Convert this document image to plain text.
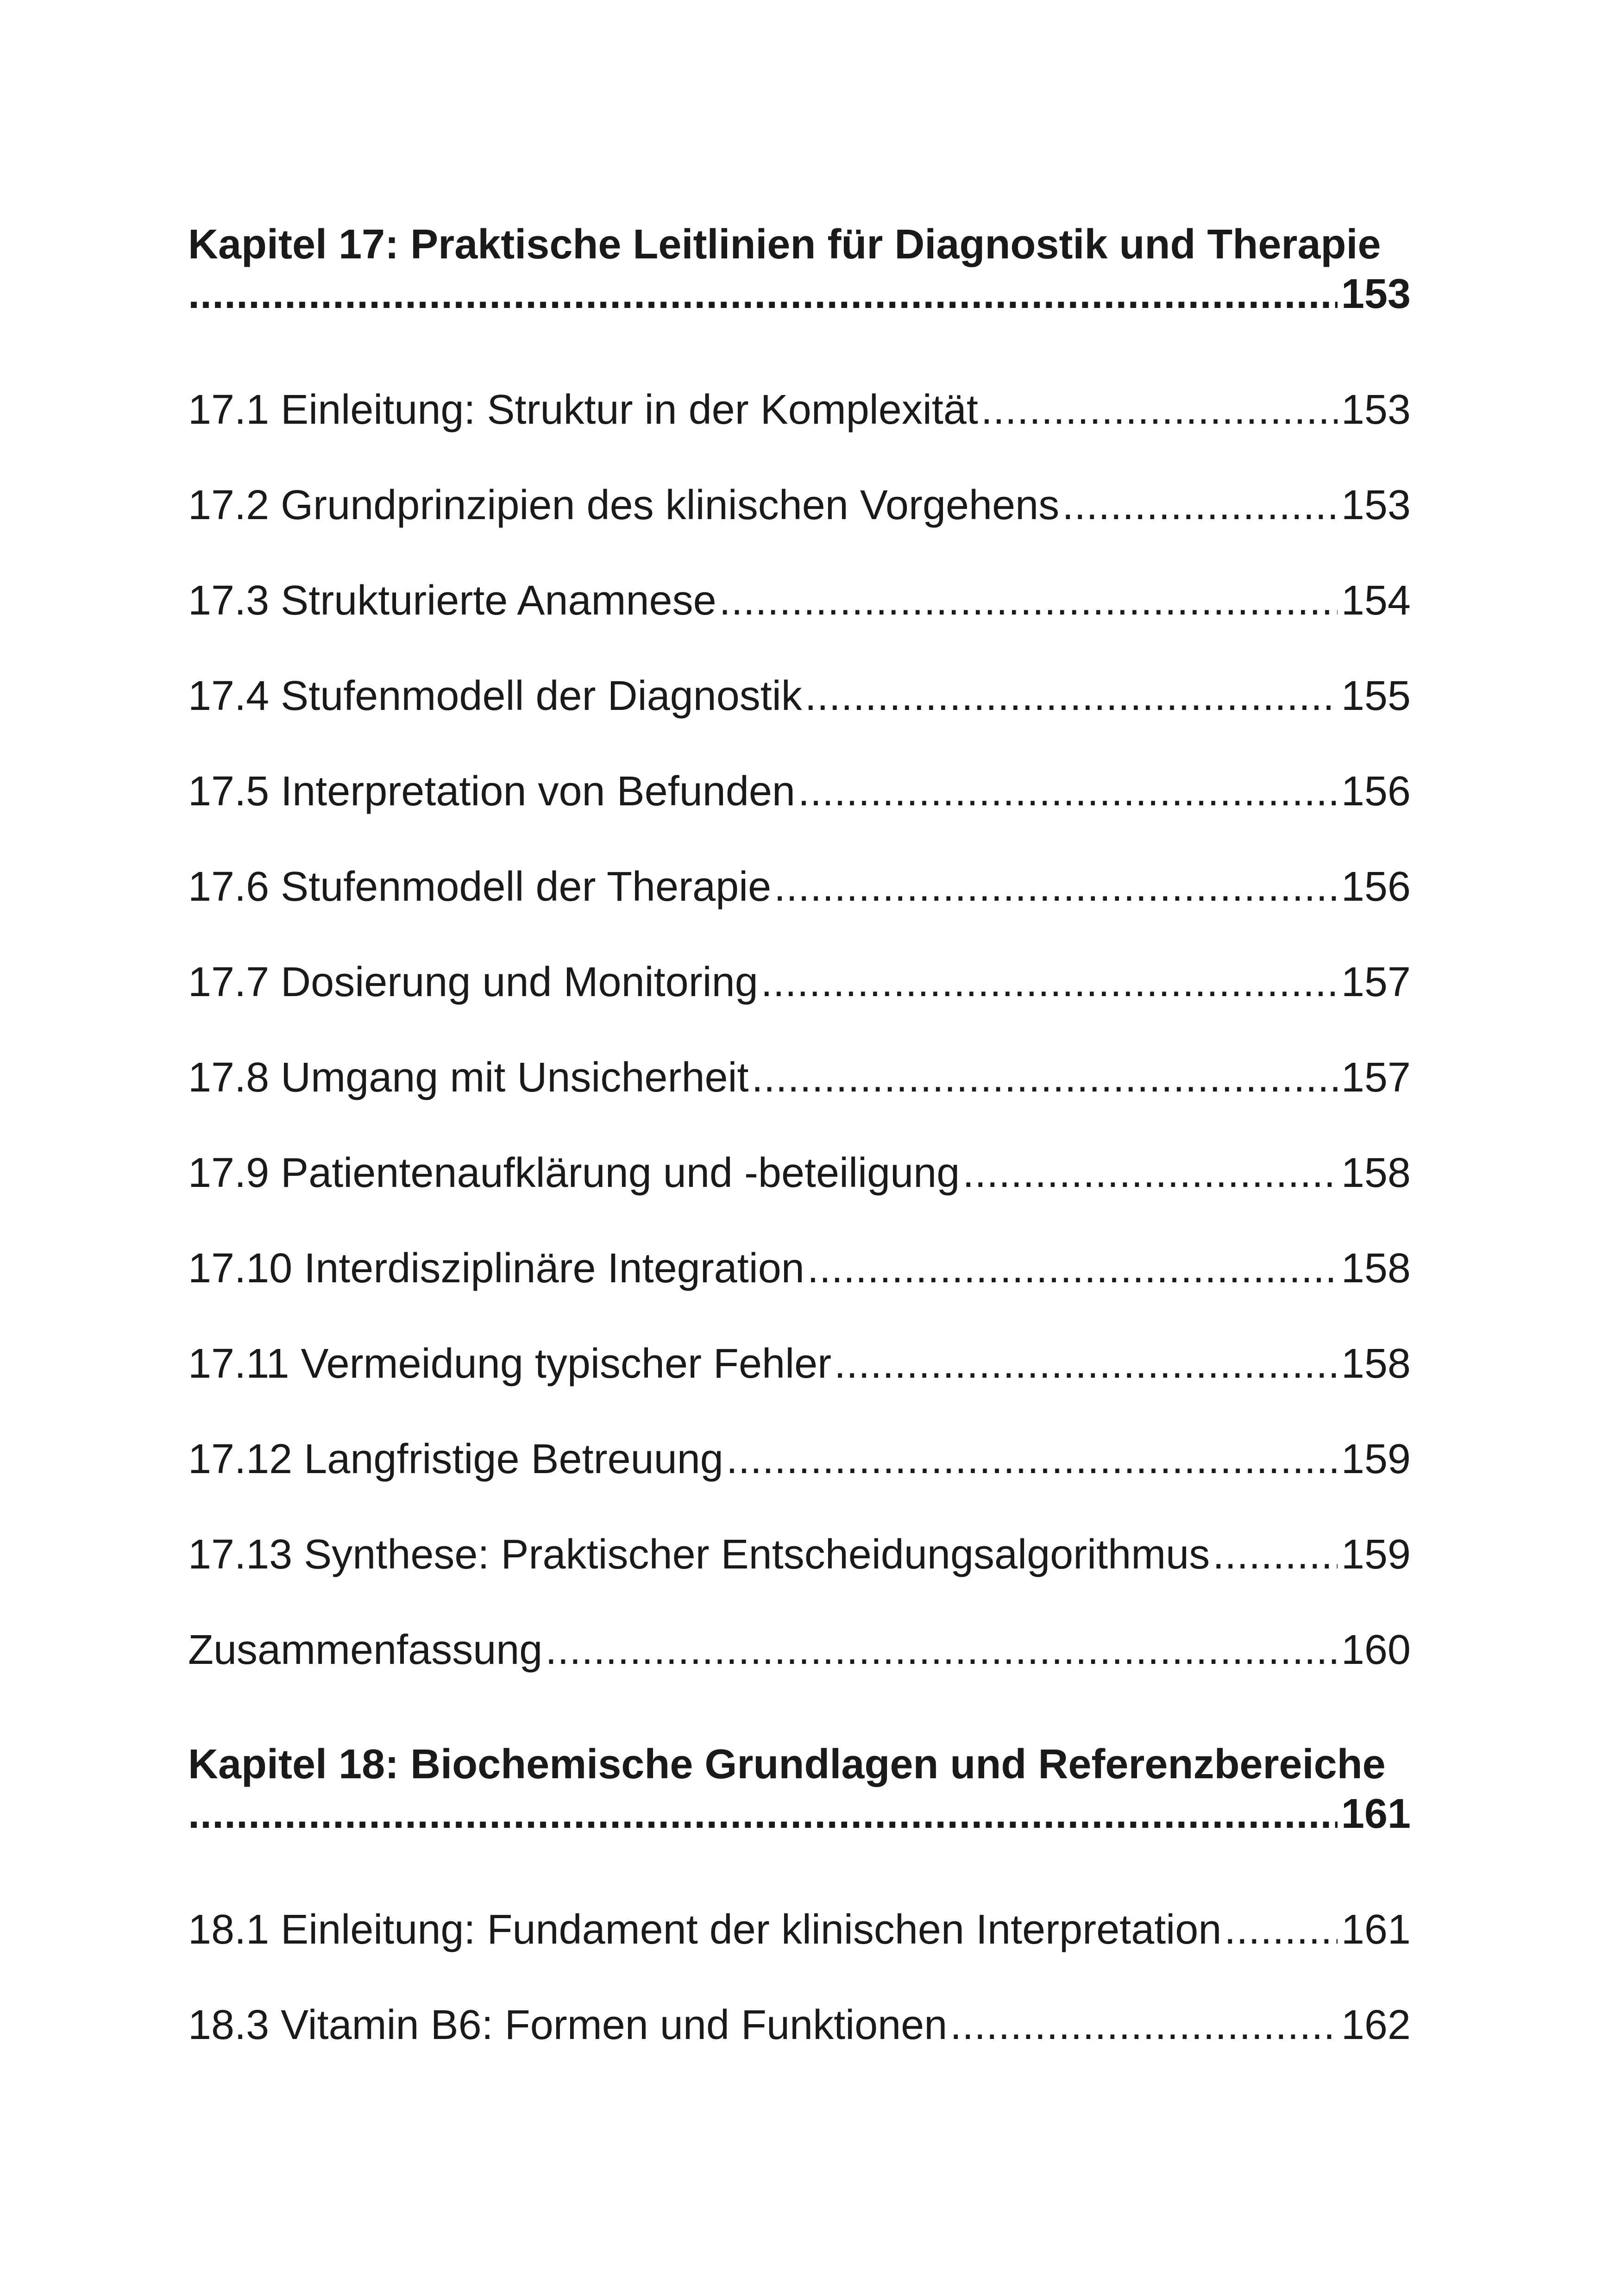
Kapitel 17: Praktische Leitlinien für Diagnostik und Therapie
.....
153
17.1 Einleitung: Struktur in der Komplexität .....	153
17.2 Grundprinzipien des klinischen Vorgehens .....	153
17.3 Strukturierte Anamnese .....	154
17.4 Stufenmodell der Diagnostik .....	155
17.5 Interpretation von Befunden .....	156
17.6 Stufenmodell der Therapie .....	156
17.7 Dosierung und Monitoring .....	157
17.8 Umgang mit Unsicherheit .....	157
17.9 Patientenaufklärung und -beteiligung .....	158
17.10 Interdisziplinäre Integration .....	158
17.11 Vermeidung typischer Fehler .....	158
17.12 Langfristige Betreuung .....	159
17.13 Synthese: Praktischer Entscheidungsalgorithmus .....	159
Zusammenfassung .....	160
Kapitel 18: Biochemische Grundlagen und Referenzbereiche
.....
161
18.1 Einleitung: Fundament der klinischen Interpretation .....	161
18.3 Vitamin B6: Formen und Funktionen .....	162
